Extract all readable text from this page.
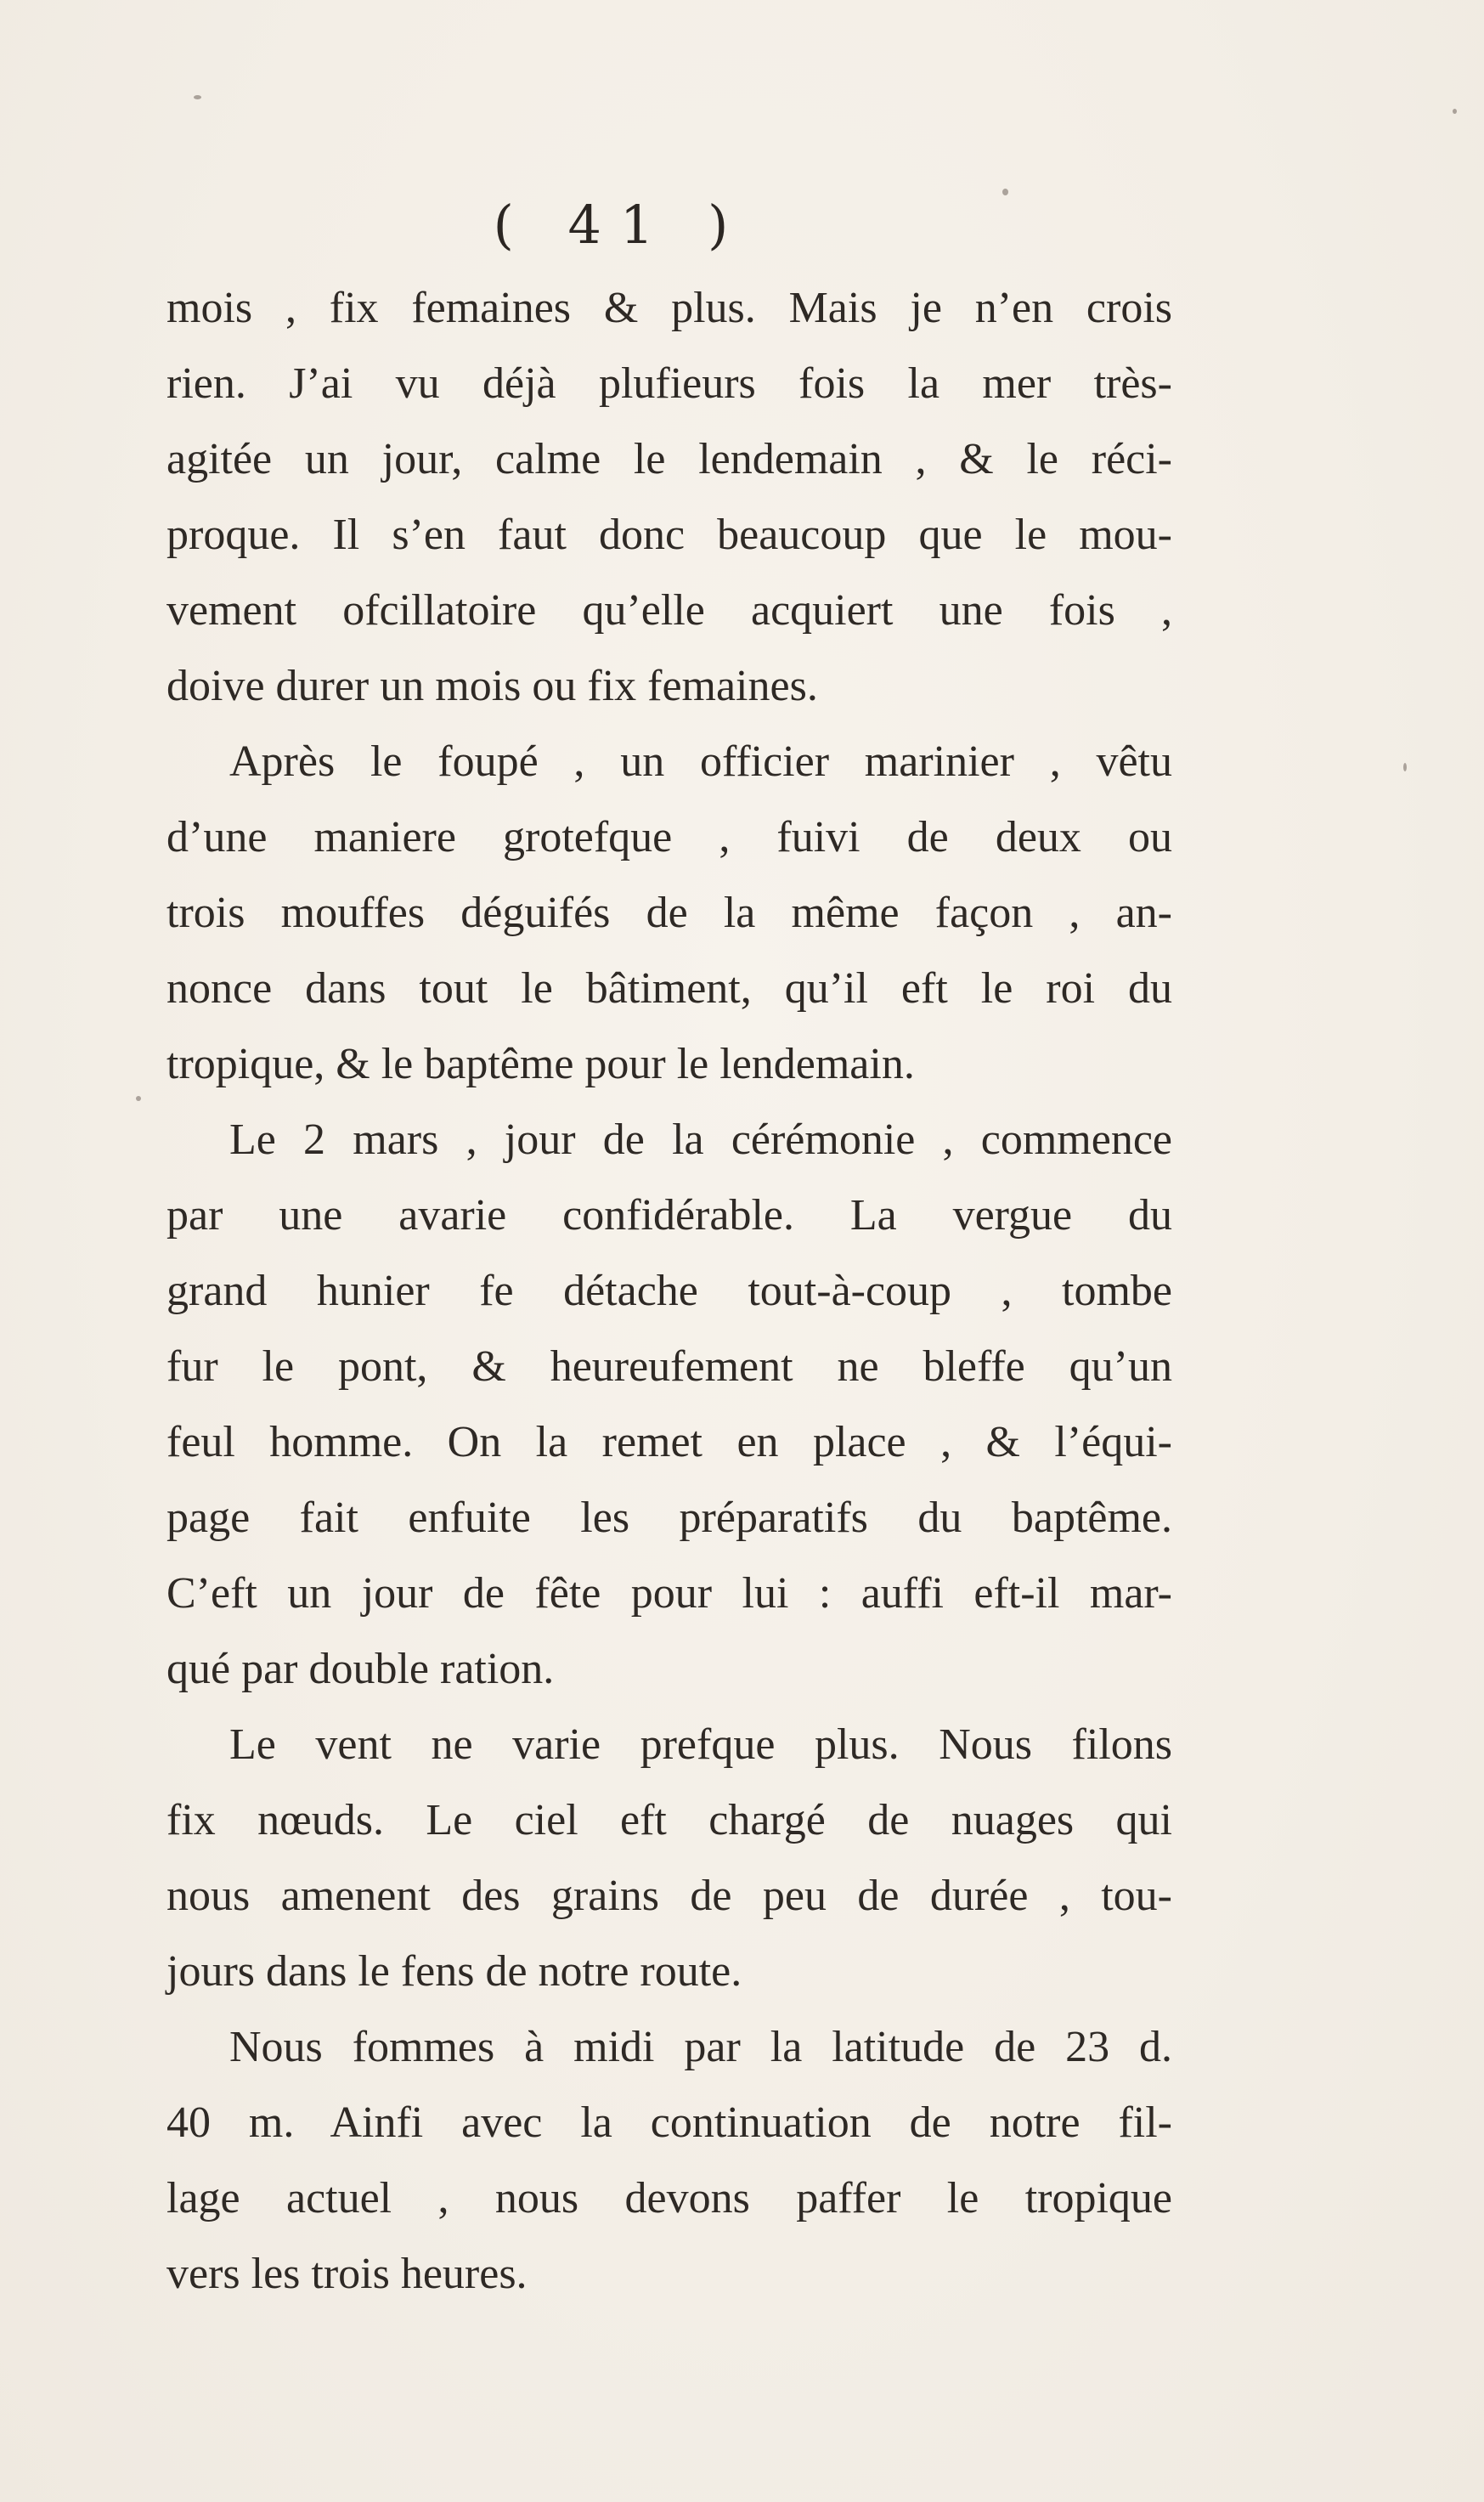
( 41 )

mois , fix femaines & plus. Mais je n’en crois
rien. J’ai vu déjà plufieurs fois la mer très-
agitée un jour, calme le lendemain , & le réci-
proque. Il s’en faut donc beaucoup que le mou-
vement ofcillatoire qu’elle acquiert une fois ,
doive durer un mois ou fix femaines.

Après le foupé , un officier marinier , vêtu
d’une maniere grotefque , fuivi de deux ou
trois mouffes déguifés de la même façon , an-
nonce dans tout le bâtiment, qu’il eft le roi du
tropique, & le baptême pour le lendemain.

Le 2 mars , jour de la cérémonie , commence
par une avarie confidérable. La vergue du
grand hunier fe détache tout-à-coup , tombe
fur le pont, & heureufement ne bleffe qu’un
feul homme. On la remet en place , & l’équi-
page fait enfuite les préparatifs du baptême.
C’eft un jour de fête pour lui : auffi eft-il mar-
qué par double ration.

Le vent ne varie prefque plus. Nous filons
fix nœuds. Le ciel eft chargé de nuages qui
nous amenent des grains de peu de durée , tou-
jours dans le fens de notre route.

Nous fommes à midi par la latitude de 23 d.
40 m. Ainfi avec la continuation de notre fil-
lage actuel , nous devons paffer le tropique
vers les trois heures.
